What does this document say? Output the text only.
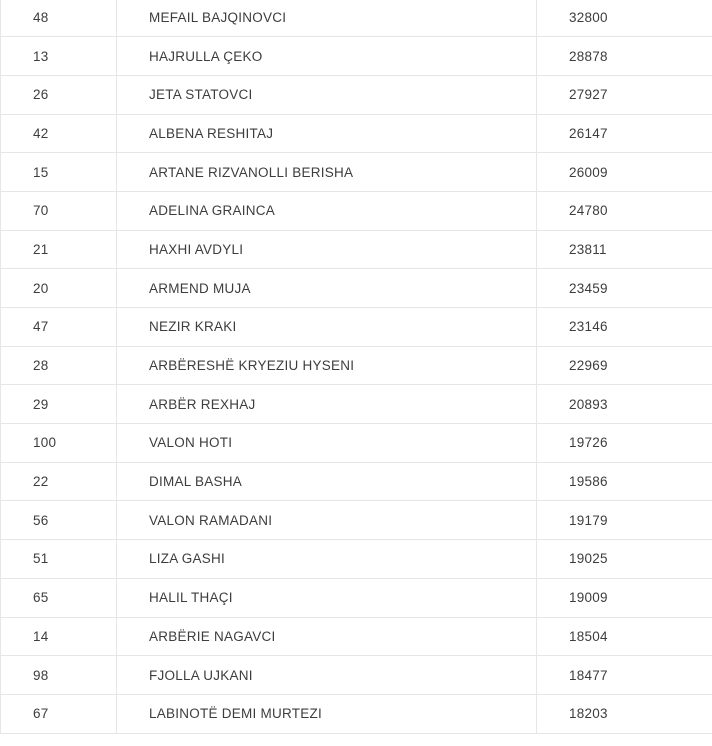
48	MEFAIL BAJQINOVCI	32800
13	HAJRULLA ÇEKO	28878
26	JETA STATOVCI	27927
42	ALBENA RESHITAJ	26147
15	ARTANE RIZVANOLLI BERISHA	26009
70	ADELINA GRAINCA	24780
21	HAXHI AVDYLI	23811
20	ARMEND MUJA	23459
47	NEZIR KRAKI	23146
28	ARBËRESHË KRYEZIU HYSENI	22969
29	ARBËR REXHAJ	20893
100	VALON HOTI	19726
22	DIMAL BASHA	19586
56	VALON RAMADANI	19179
51	LIZA GASHI	19025
65	HALIL THAÇI	19009
14	ARBËRIE NAGAVCI	18504
98	FJOLLA UJKANI	18477
67	LABINOTË DEMI MURTEZI	18203
